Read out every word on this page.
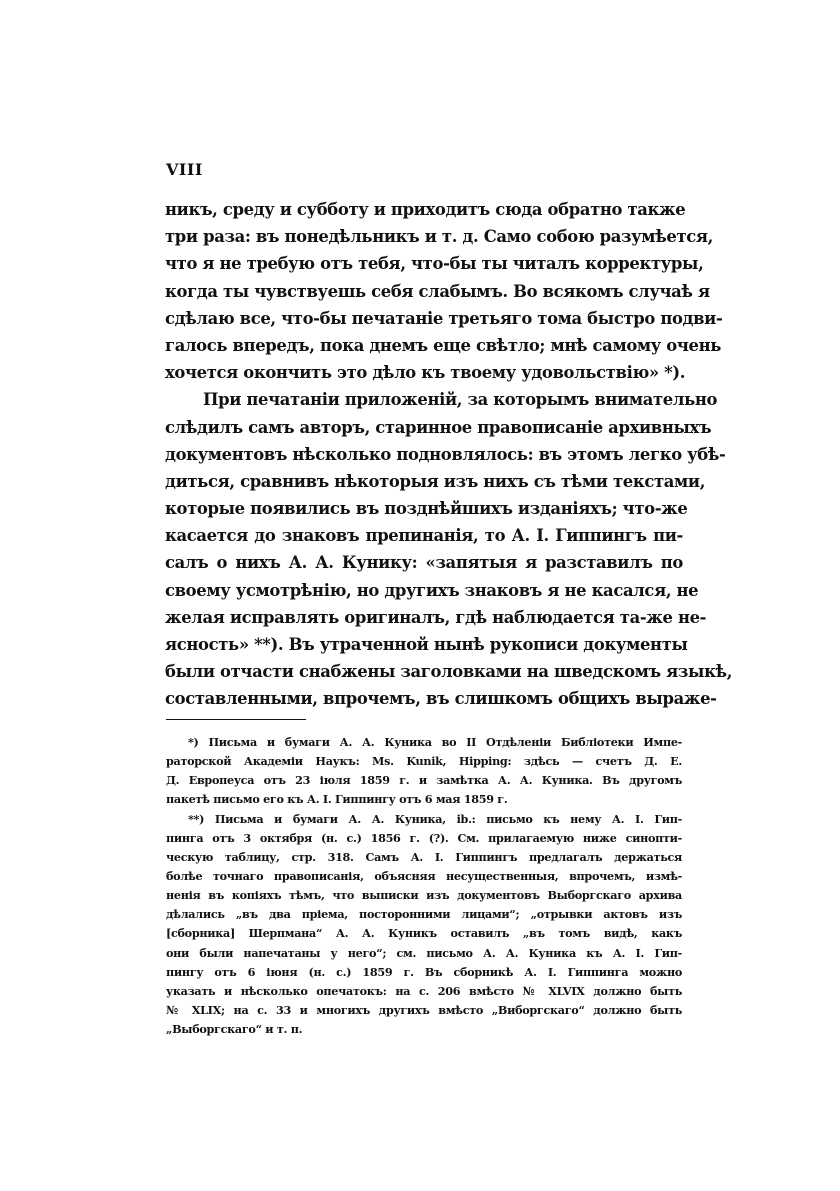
VIII
никъ, среду и субботу и приходитъ сюда обратно также
три раза: въ понедѣльникъ и т. д. Само собою разумѣется,
что я не требую отъ тебя, что-бы ты читалъ корректуры,
когда ты чувствуешь себя слабымъ. Во всякомъ случаѣ я
сдѣлаю все, что-бы печатаніе третьяго тома быстро подви-
галось впередъ, пока днемъ еще свѣтло; мнѣ самому очень
хочется окончить это дѣло къ твоему удовольствію» *).
При печатаніи приложеній, за которымъ внимательно
слѣдилъ самъ авторъ, старинное правописаніе архивныхъ
документовъ нѣсколько подновлялось: въ этомъ легко убѣ-
диться, сравнивъ нѣкоторыя изъ нихъ съ тѣми текстами,
которые появились въ позднѣйшихъ изданіяхъ; что-же
касается до знаковъ препинанія, то А. І. Гиппингъ пи-
салъ о нихъ А. А. Кунику: «запятыя я разставилъ по
своему усмотрѣнію, но другихъ знаковъ я не касался, не
желая исправлять оригиналъ, гдѣ наблюдается та-же не-
ясность» **). Въ утраченной нынѣ рукописи документы
были отчасти снабжены заголовками на шведскомъ языкѣ,
составленными, впрочемъ, въ слишкомъ общихъ выраже-
*) Письма и бумаги А. А. Куника во II Отдѣленіи Библіотеки Импе-
раторской Академіи Наукъ: Ms. Kunik, Hipping: здѣсь — счетъ Д. Е.
Д. Европеуса отъ 23 іюля 1859 г. и замѣтка А. А. Куника. Въ другомъ
пакетѣ письмо его къ А. І. Гиппингу отъ 6 мая 1859 г.
**) Письма и бумаги А. А. Куника, ib.: письмо къ нему А. І. Гип-
пинга отъ 3 октября (н. с.) 1856 г. (?). См. прилагаемую ниже синопти-
ческую таблицу, стр. 318. Самъ А. І. Гиппингъ предлагалъ держаться
болѣе точнаго правописанія, объясняя несущественныя, впрочемъ, измѣ-
ненія въ копіяхъ тѣмъ, что выписки изъ документовъ Выборгскаго архива
дѣлались „въ два пріема, посторонними лицами“; „отрывки актовъ изъ
[сборника] Шерпмана“ А. А. Куникъ оставилъ „въ томъ видѣ, какъ
они были напечатаны у него“; см. письмо А. А. Куника къ А. І. Гип-
пингу отъ 6 іюня (н. с.) 1859 г. Въ сборникѣ А. І. Гиппинга можно
указать и нѣсколько опечатокъ: на с. 206 вмѣсто № XLVIX должно быть
№ XLIX; на с. 33 и многихъ другихъ вмѣсто „Виборгскаго“ должно быть
„Выборгскаго“ и т. п.
